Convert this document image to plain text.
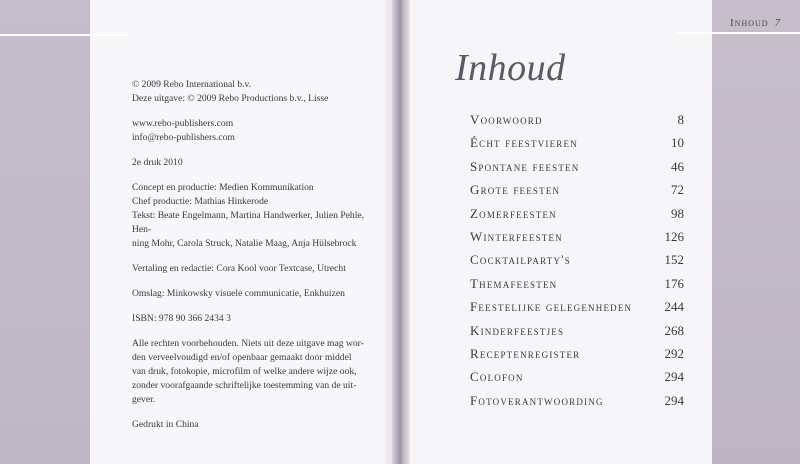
Inhoud 7

© 2009 Rebo International b.v.
Deze uitgave: © 2009 Rebo Productions b.v., Lisse

www.rebo-publishers.com
info@rebo-publishers.com

2e druk 2010

Concept en productie: Medien Kommunikation
Chef productie: Mathias Hinkerode
Tekst: Beate Engelmann, Martina Handwerker, Julien Pehle, Hen-
ning Mohr, Carola Struck, Natalie Maag, Anja Hülsebrock

Vertaling en redactie: Cora Kool voor Textcase, Utrecht

Omslag: Minkowsky visuele communicatie, Enkhuizen

ISBN: 978 90 366 2434 3

Alle rechten voorbehouden. Niets uit deze uitgave mag wor-
den verveelvoudigd en/of openbaar gemaakt door middel
van druk, fotokopie, microfilm of welke andere wijze ook,
zonder voorafgaande schriftelijke toestemming van de uit-
gever.

Gedrukt in China

Inhoud
Voorwoord	8
Écht feestvieren	10
Spontane feesten	46
Grote feesten	72
Zomerfeesten	98
Winterfeesten	126
Cocktailparty's	152
Themafeesten	176
Feestelijke gelegenheden 244
Kinderfeestjes	268
Receptenregister	292
Colofon	294
Fotoverantwoording	294
